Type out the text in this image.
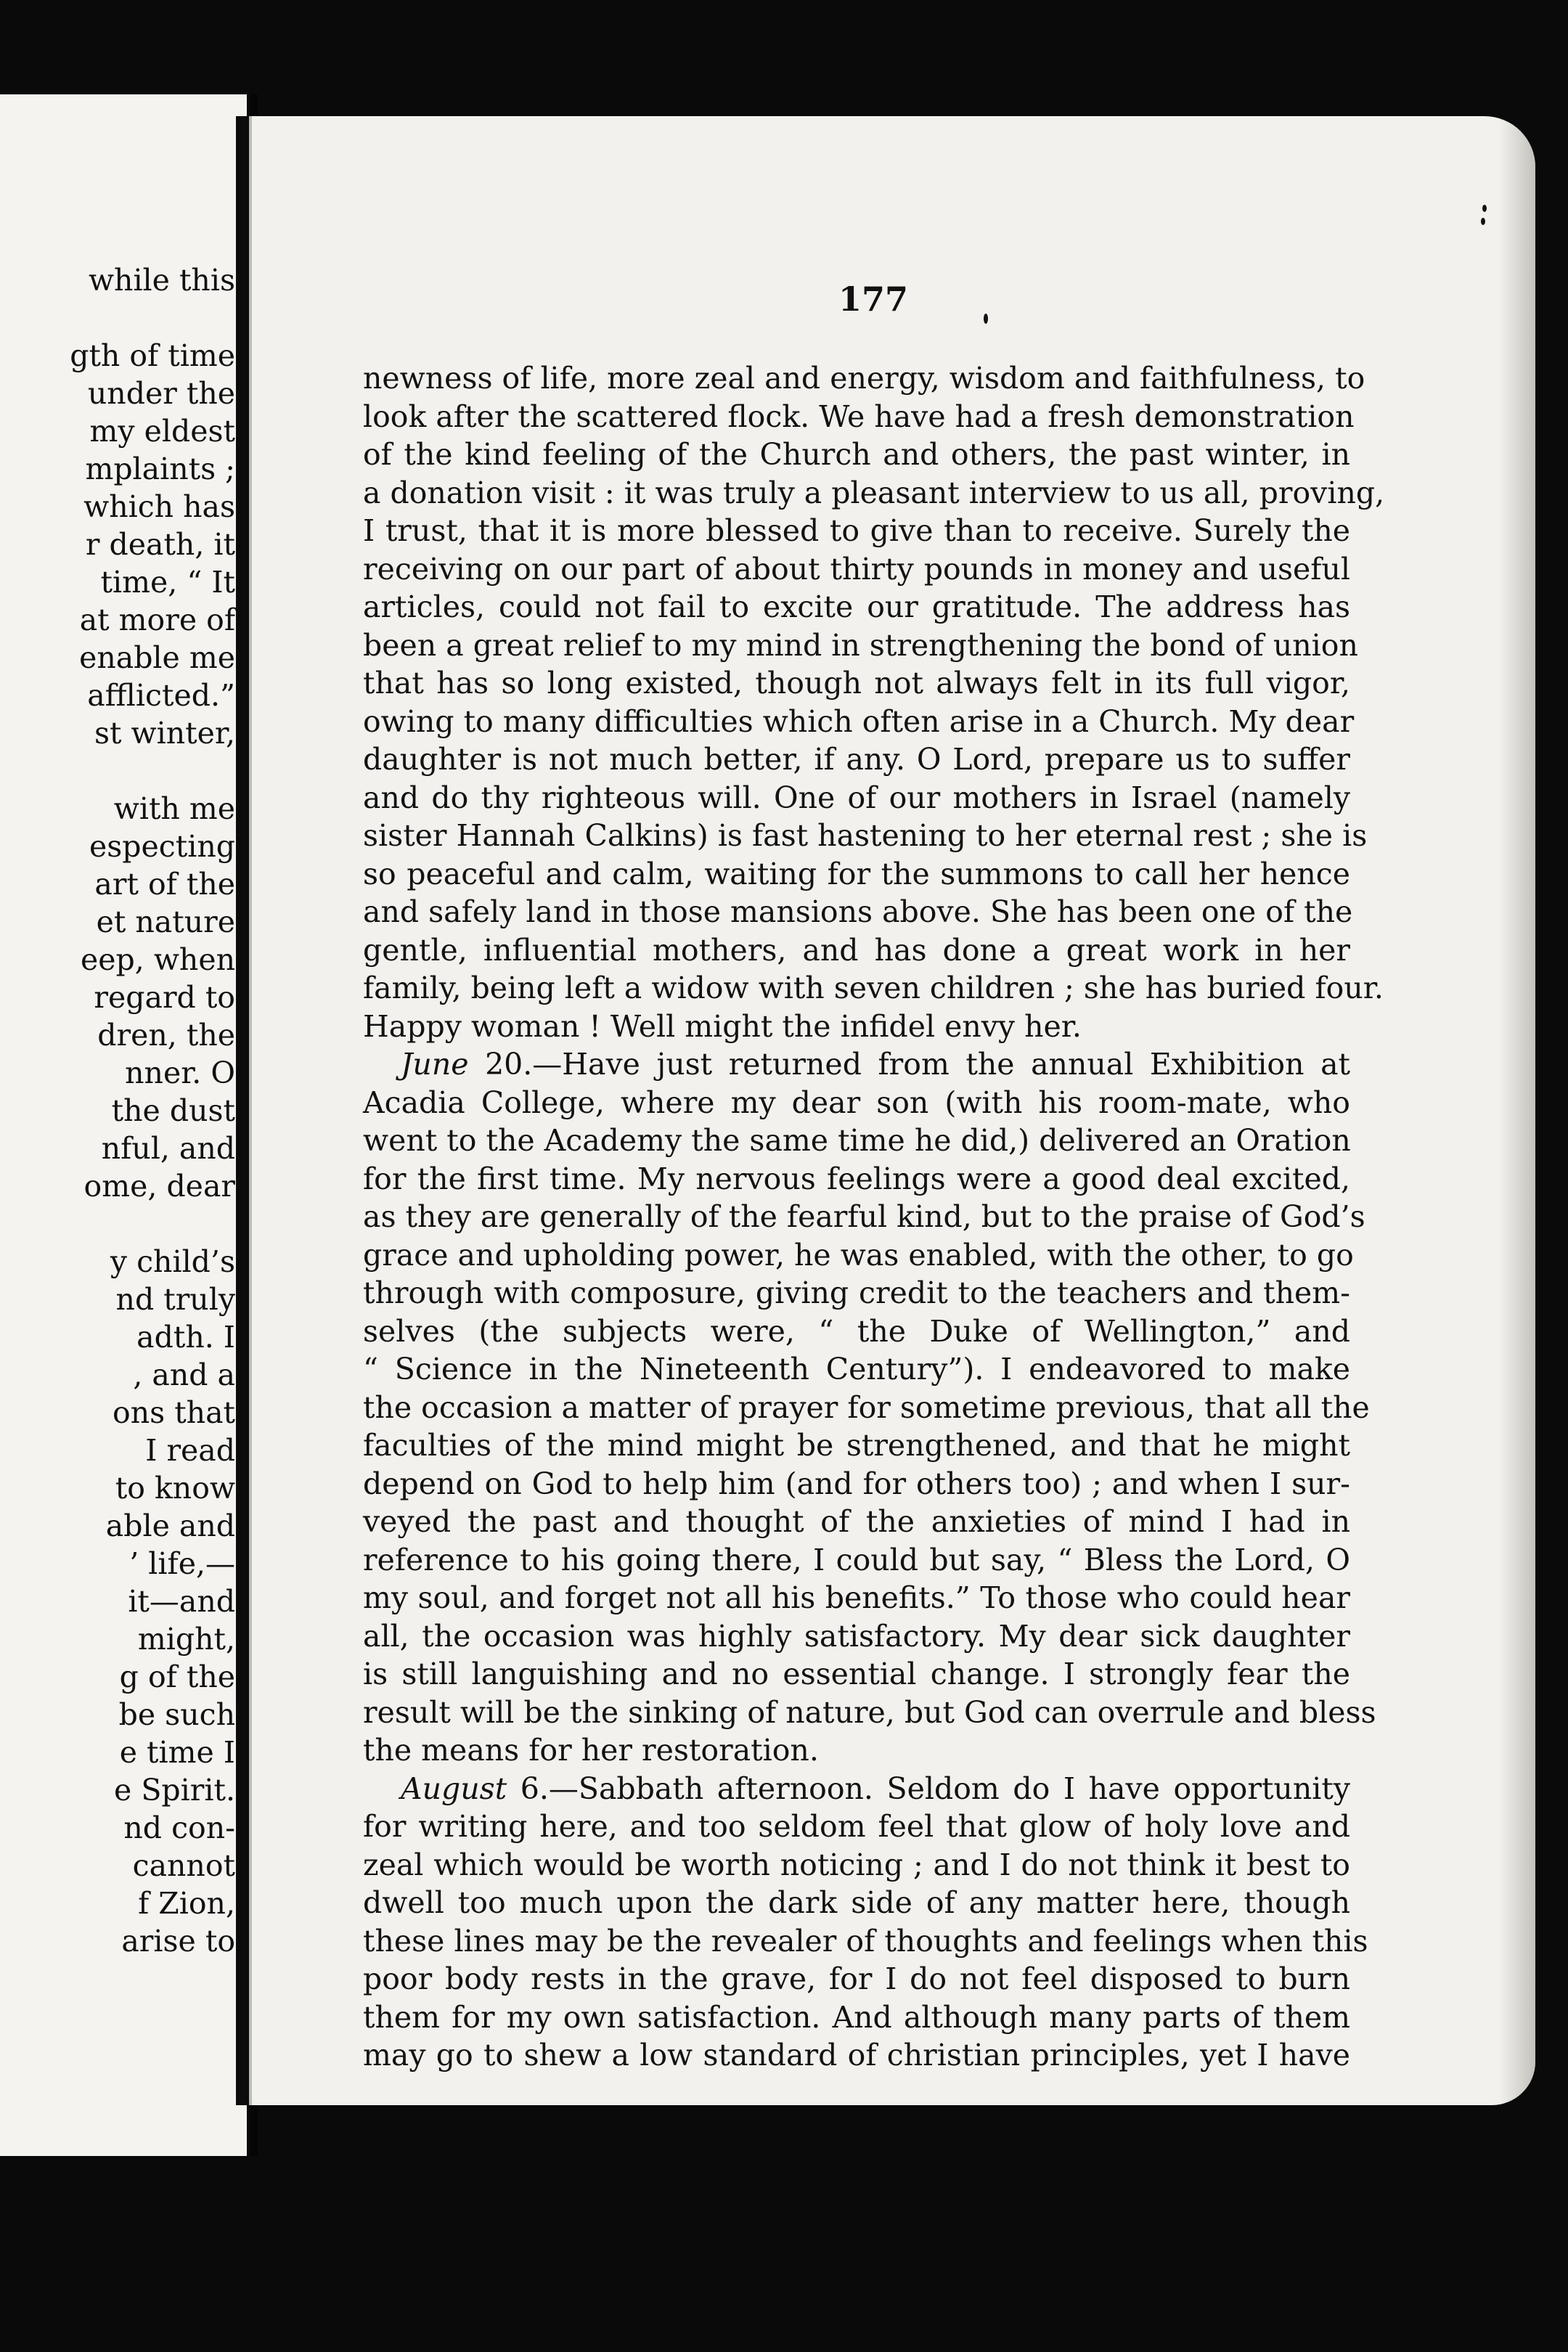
while this
gth of time
under the
my eldest
mplaints ;
which has
r death, it
time, “ It
at more of
enable me
afflicted.”
st winter,
with me
especting
art of the
et nature
eep, when
regard to
dren, the
nner. O
the dust
nful, and
ome, dear
y child’s
nd truly
adth. I
, and a
ons that
I read
to know
able and
’ life,—
it—and
might,
g of the
be such
e time I
e Spirit.
nd con-
cannot
f Zion,
arise to
177
newness of life, more zeal and energy, wisdom and faithfulness, to
look after the scattered flock. We have had a fresh demonstration
of the kind feeling of the Church and others, the past winter, in
a donation visit : it was truly a pleasant interview to us all, proving,
I trust, that it is more blessed to give than to receive. Surely the
receiving on our part of about thirty pounds in money and useful
articles, could not fail to excite our gratitude. The address has
been a great relief to my mind in strengthening the bond of union
that has so long existed, though not always felt in its full vigor,
owing to many difficulties which often arise in a Church. My dear
daughter is not much better, if any. O Lord, prepare us to suffer
and do thy righteous will. One of our mothers in Israel (namely
sister Hannah Calkins) is fast hastening to her eternal rest ; she is
so peaceful and calm, waiting for the summons to call her hence
and safely land in those mansions above. She has been one of the
gentle, influential mothers, and has done a great work in her
family, being left a widow with seven children ; she has buried four.
Happy woman ! Well might the infidel envy her.
June 20.—Have just returned from the annual Exhibition at
Acadia College, where my dear son (with his room-mate, who
went to the Academy the same time he did,) delivered an Oration
for the first time. My nervous feelings were a good deal excited,
as they are generally of the fearful kind, but to the praise of God’s
grace and upholding power, he was enabled, with the other, to go
through with composure, giving credit to the teachers and them-
selves (the subjects were, “ the Duke of Wellington,” and
“ Science in the Nineteenth Century”). I endeavored to make
the occasion a matter of prayer for sometime previous, that all the
faculties of the mind might be strengthened, and that he might
depend on God to help him (and for others too) ; and when I sur-
veyed the past and thought of the anxieties of mind I had in
reference to his going there, I could but say, “ Bless the Lord, O
my soul, and forget not all his benefits.” To those who could hear
all, the occasion was highly satisfactory. My dear sick daughter
is still languishing and no essential change. I strongly fear the
result will be the sinking of nature, but God can overrule and bless
the means for her restoration.
August 6.—Sabbath afternoon. Seldom do I have opportunity
for writing here, and too seldom feel that glow of holy love and
zeal which would be worth noticing ; and I do not think it best to
dwell too much upon the dark side of any matter here, though
these lines may be the revealer of thoughts and feelings when this
poor body rests in the grave, for I do not feel disposed to burn
them for my own satisfaction. And although many parts of them
may go to shew a low standard of christian principles, yet I have
